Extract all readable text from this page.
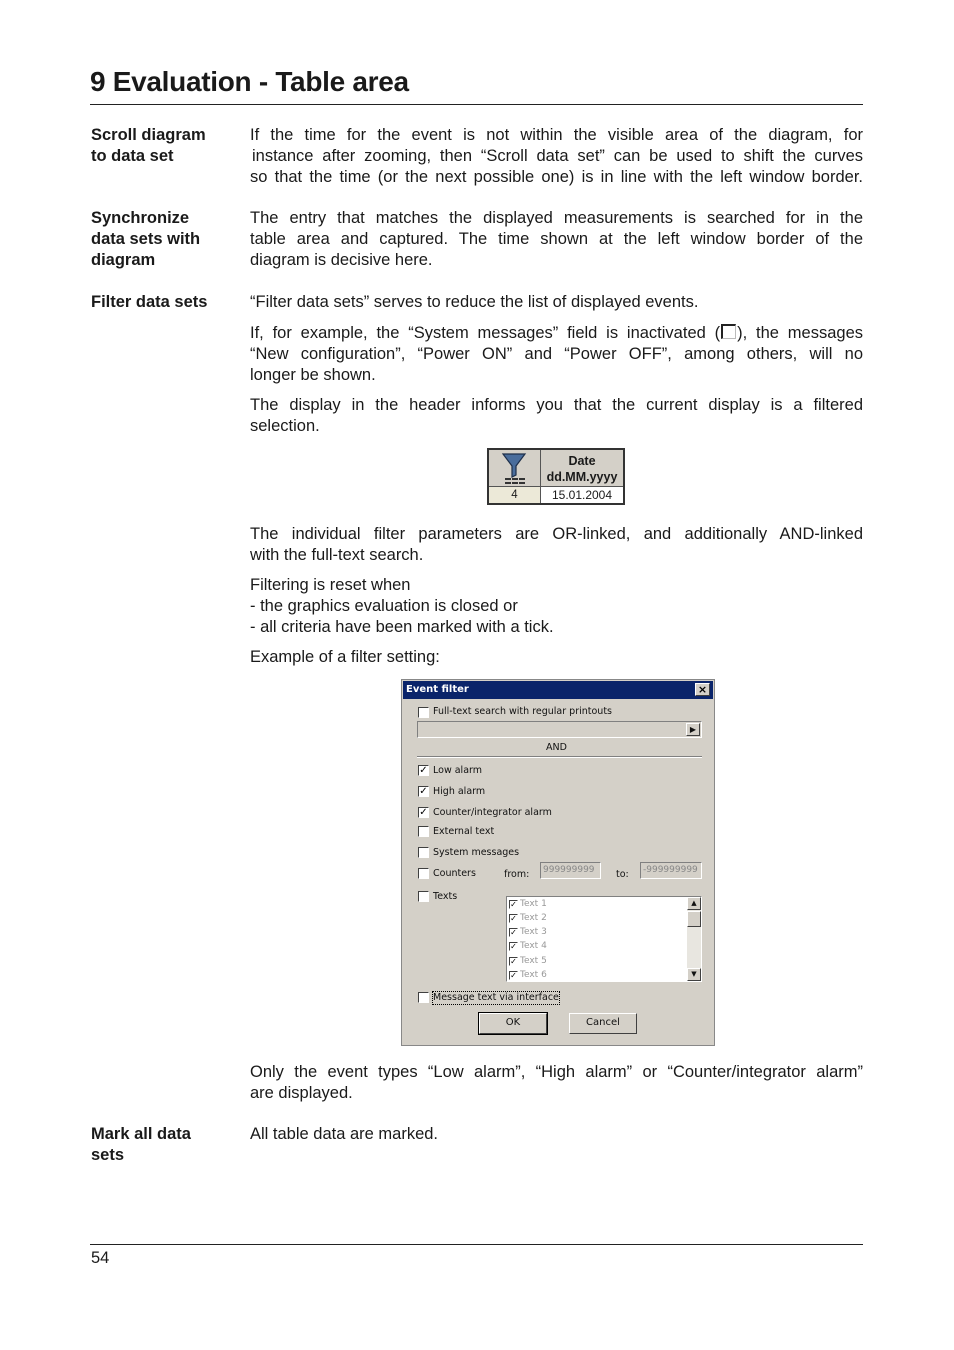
9 Evaluation - Table area
Scroll diagram
to data set
If the time for the event is not within the visible area of the diagram, for
instance after zooming, then “Scroll data set” can be used to shift the curves
so that the time (or the next possible one) is in line with the left window border.
Synchronize
data sets with
diagram
The entry that matches the displayed measurements is searched for in the
table area and captured. The time shown at the left window border of the
diagram is decisive here.
Filter data sets	“Filter data sets” serves to reduce the list of displayed events.
If, for example, the “System messages” field is inactivated ( ), the messages
“New configuration”, “Power ON” and “Power OFF”, among others, will no
longer be shown.
The display in the header informs you that the current display is a filtered
selection.
Date
dd.MM.yyyy
4	15.01.2004
The individual filter parameters are OR-linked, and additionally AND-linked
with the full-text search.
Filtering is reset when
- the graphics evaluation is closed or
- all criteria have been marked with a tick.
Example of a filter setting:
Event filter	×
Full-text search with regular printouts
▶
AND
✓ Low alarm
✓ High alarm
✓ Counter/integrator alarm
External text
System messages
Counters	from:	999999999	to:	-999999999
Texts
✓ Text 1
✓ Text 2
✓ Text 3
✓ Text 4
✓ Text 5
✓ Text 6
▲
▼
Message text via interface
OK	Cancel
Only the event types “Low alarm”, “High alarm” or “Counter/integrator alarm”
are displayed.
Mark all data
sets
All table data are marked.
54
